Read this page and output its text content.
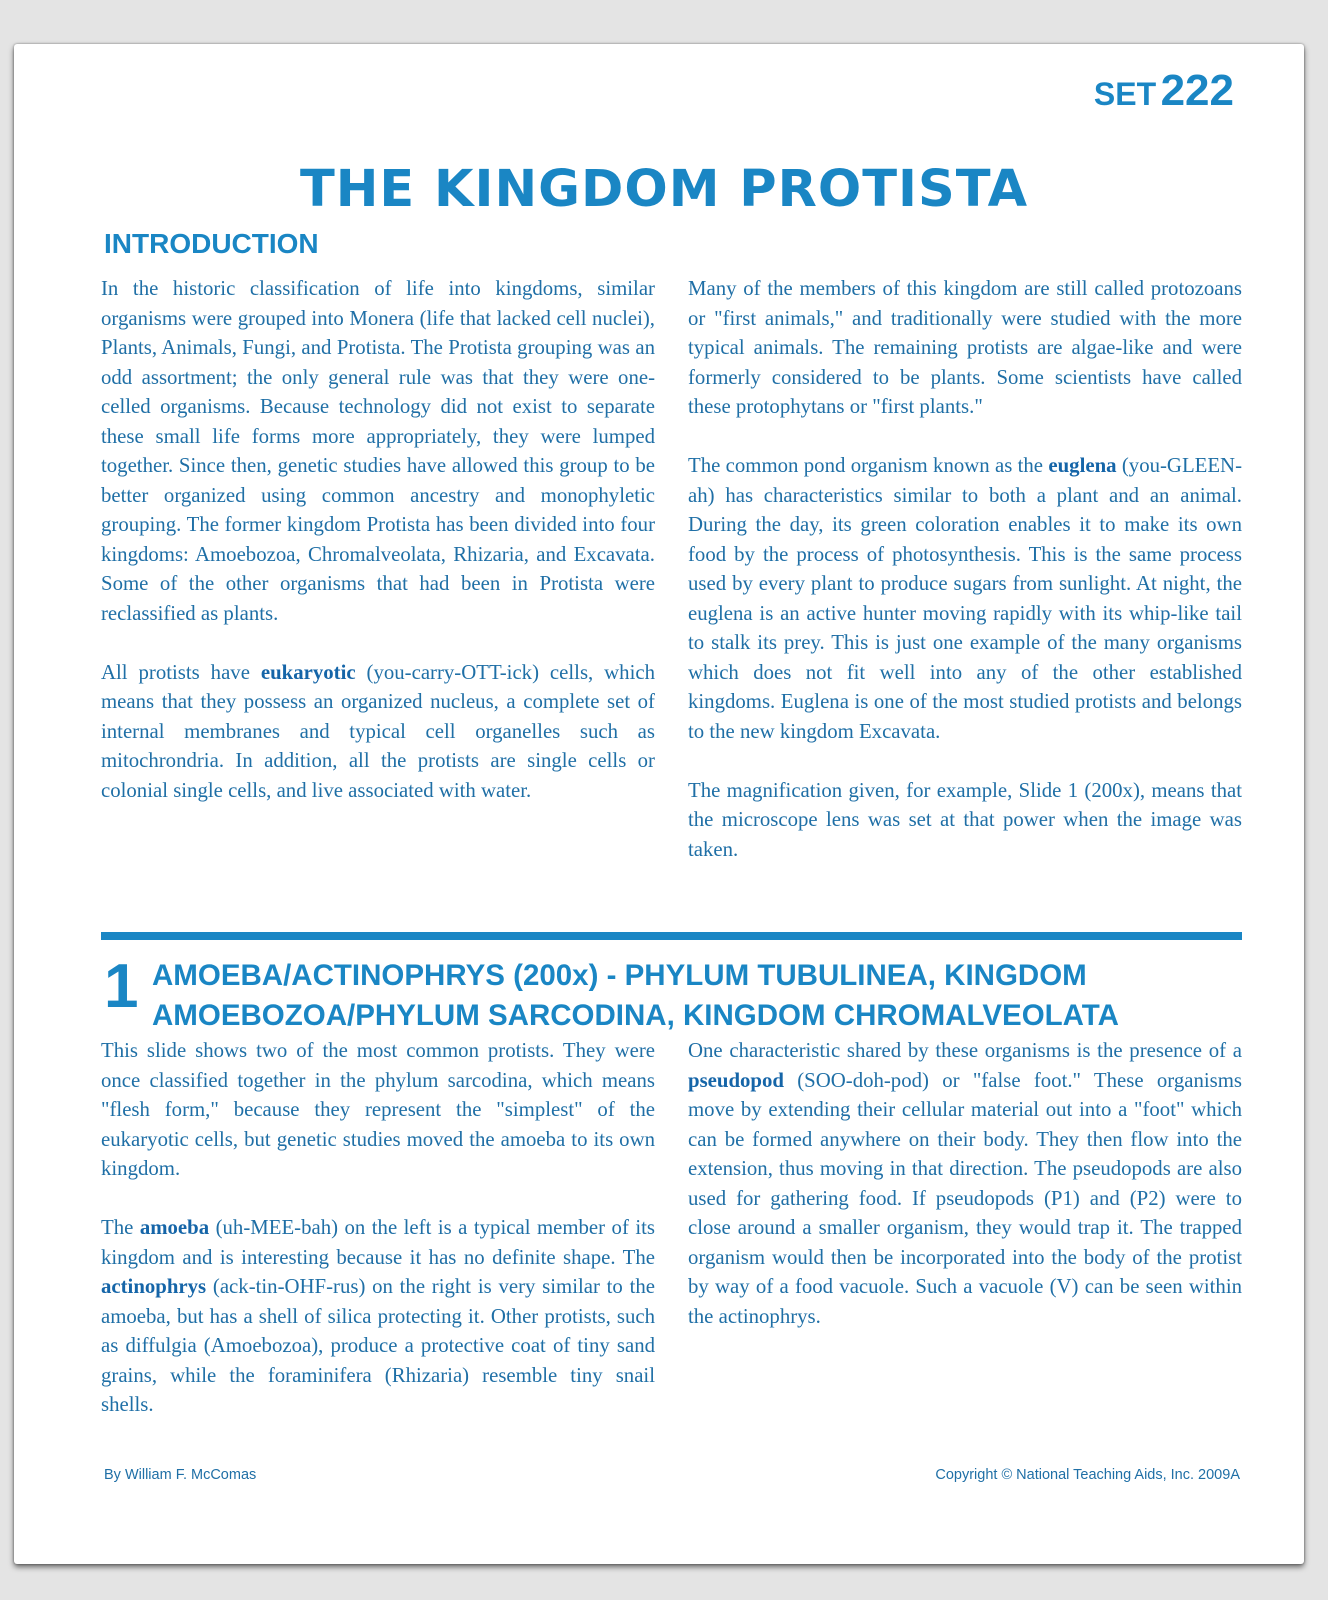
SET 222
THE KINGDOM PROTISTA
INTRODUCTION

In the historic classification of life into kingdoms, similar organisms were grouped into Monera (life that lacked cell nuclei), Plants, Animals, Fungi, and Protista. The Protista grouping was an odd assortment; the only general rule was that they were one-celled organisms. Because technology did not exist to separate these small life forms more appropriately, they were lumped together. Since then, genetic studies have allowed this group to be better organized using common ancestry and monophyletic grouping. The former kingdom Protista has been divided into four kingdoms: Amoebozoa, Chromalveolata, Rhizaria, and Excavata. Some of the other organisms that had been in Protista were reclassified as plants.

All protists have eukaryotic (you-carry-OTT-ick) cells, which means that they possess an organized nucleus, a complete set of internal membranes and typical cell organelles such as mitochrondria. In addition, all the protists are single cells or colonial single cells, and live associated with water.

Many of the members of this kingdom are still called protozoans or "first animals," and traditionally were studied with the more typical animals. The remaining protists are algae-like and were formerly considered to be plants. Some scientists have called these protophytans or "first plants."

The common pond organism known as the euglena (you-GLEEN-ah) has characteristics similar to both a plant and an animal. During the day, its green coloration enables it to make its own food by the process of photosynthesis. This is the same process used by every plant to produce sugars from sunlight. At night, the euglena is an active hunter moving rapidly with its whip-like tail to stalk its prey. This is just one example of the many organisms which does not fit well into any of the other established kingdoms. Euglena is one of the most studied protists and belongs to the new kingdom Excavata.

The magnification given, for example, Slide 1 (200x), means that the microscope lens was set at that power when the image was taken.

1 AMOEBA/ACTINOPHRYS (200x) - PHYLUM TUBULINEA, KINGDOM
AMOEBOZOA/PHYLUM SARCODINA, KINGDOM CHROMALVEOLATA

This slide shows two of the most common protists. They were once classified together in the phylum sarcodina, which means "flesh form," because they represent the "simplest" of the eukaryotic cells, but genetic studies moved the amoeba to its own kingdom.

The amoeba (uh-MEE-bah) on the left is a typical member of its kingdom and is interesting because it has no definite shape. The actinophrys (ack-tin-OHF-rus) on the right is very similar to the amoeba, but has a shell of silica protecting it. Other protists, such as diffulgia (Amoebozoa), produce a protective coat of tiny sand grains, while the foraminifera (Rhizaria) resemble tiny snail shells.

One characteristic shared by these organisms is the presence of a pseudopod (SOO-doh-pod) or "false foot." These organisms move by extending their cellular material out into a "foot" which can be formed anywhere on their body. They then flow into the extension, thus moving in that direction. The pseudopods are also used for gathering food. If pseudopods (P1) and (P2) were to close around a smaller organism, they would trap it. The trapped organism would then be incorporated into the body of the protist by way of a food vacuole. Such a vacuole (V) can be seen within the actinophrys.

By William F. McComas	Copyright © National Teaching Aids, Inc. 2009A
